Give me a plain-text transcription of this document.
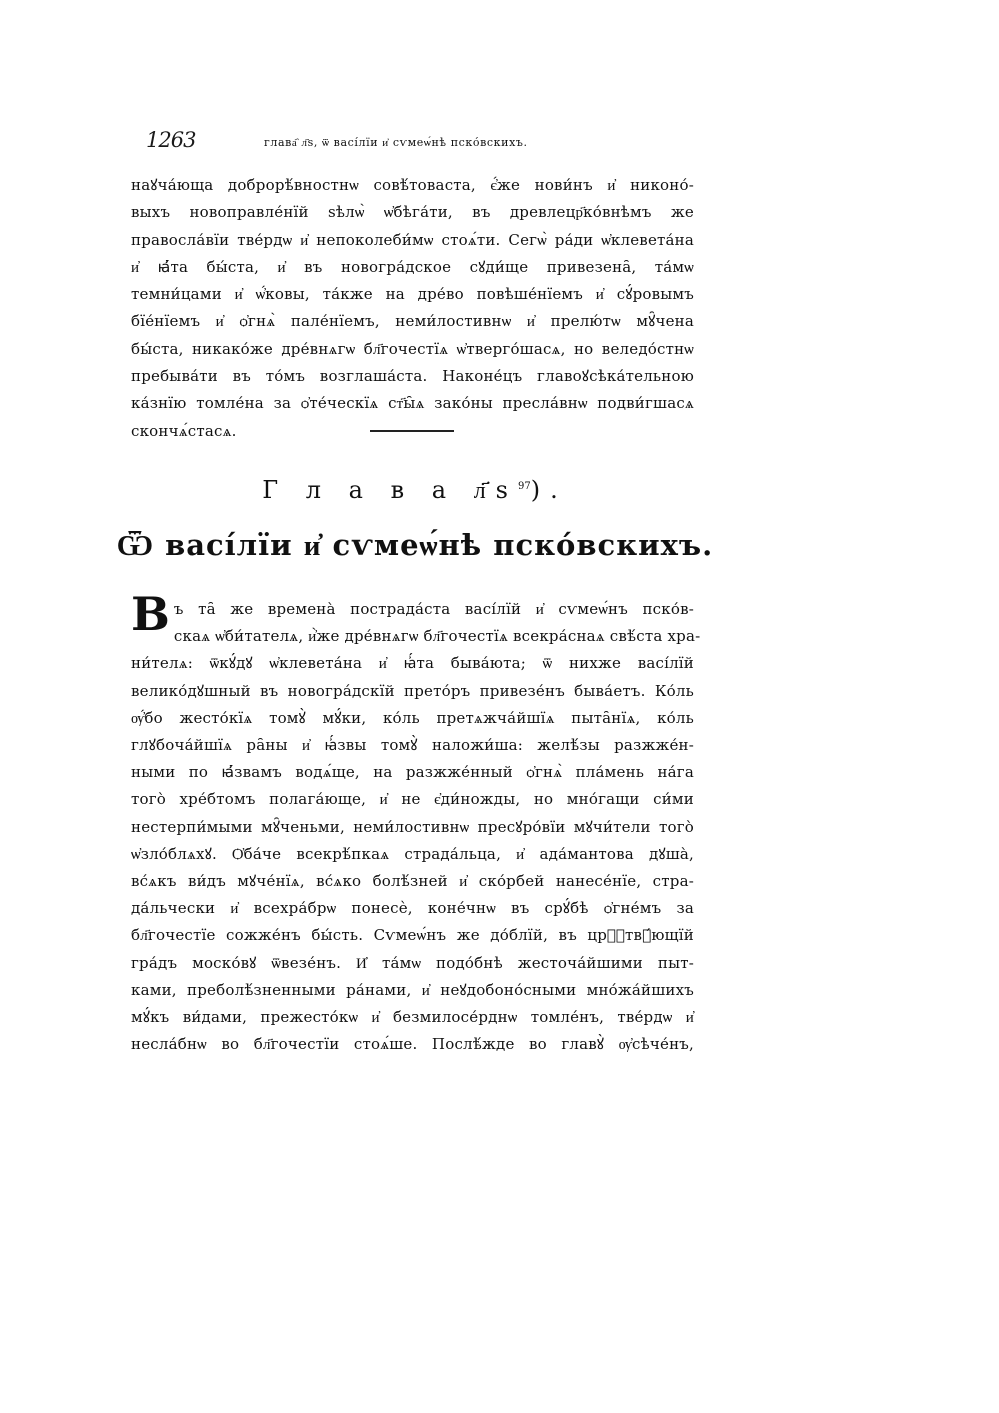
1263	глава҄ л҃ѕ, ѿ васі́лїи и҆ сѵмеѡ́нѣ пско́вскихъ.
наꙋча́юща доброрѣ́вностнѡ совѣ́товаста, є҆́же нови́нъ и҆ никоно́-
выхъ новоправле́нїй ѕѣлѡ̀ ѡ҆бѣга́ти, въ древлецр҃ко́внѣмъ же
правосла́вїи тве́рдѡ и҆ непоколеби́мѡ стоѧ́ти. Сегѡ̀ ра́ди ѡ҆клевета́на
и҆ ꙗ҆́та бы́ста, и҆ въ новогра́дское сꙋди́ще привезена̑, та́мѡ
темни́цами и҆ ѡ҆́ковы, та́кже на дре́во повѣше́нїемъ и҆ сꙋ́ровымъ
бїе́нїемъ и҆ ѻ҆гнѧ̀ пале́нїемъ, неми́лостивнѡ и҆ прелю́тѡ мꙋ̑чена
бы́ста, никако́же дре́внѧгѡ бл҃гочестїѧ ѡ҆тверго́шасѧ, но веледо́стнѡ
пребыва́ти въ то́мъ возглаша́ста. Наконе́цъ главоꙋсѣка́тельною
ка́знїю томле́на за ѻ҆те́ческїѧ ст҃ы̑ѧ зако́ны пресла́внѡ подви́гшасѧ
скончѧ́стасѧ.
Г л а в а $л҃ѕ^{97}$).
Ѿ васі́лїи и҆ сѵмеѡ́нѣ пско́вскихъ.
В ъ та̑ же времена̀ пострада́ста васі́лїй и҆ сѵмеѡ́нъ пско́в-
скаѧ ѡ҆би́тателѧ, и҆̀же дре́внѧгѡ бл҃гочестїѧ всекра́снаѧ свѣ́ста хра-
ни́телѧ: ѿкꙋ́дꙋ ѡ҆клевета́на и҆ ꙗ҆́та быва́юта; ѿ нихже васі́лїй
велико́дꙋшный въ новогра́дскїй прето́ръ привезе́нъ быва́етъ. Ко́ль
ѹ҆́бо жесто́кїѧ томꙋ̀ мꙋ́ки, ко́ль претѧжча́йшїѧ пыта̑нїѧ, ко́ль
глꙋбоча́йшїѧ ра̑ны и҆ ꙗ҆́звы томꙋ̀ наложи́ша: желѣ́зы разжже́н-
ными по ꙗ҆́звамъ водѧ́ще, на разжже́нный ѻ҆гнѧ̀ пла́мень на́га
того̀ хре́бтомъ полага́юще, и҆ не є҆ди́ножды, но мно́гащи си́ми
нестерпи́мыми мꙋ̑ченьми, неми́лостивнѡ пресꙋро́вїи мꙋчи́тели того̀
ѡ҆зло́блѧхꙋ. Ѻ҆ба́че всекрѣ́пкаѧ страда́льца, и҆ ада́мантова дꙋша̀,
вс́ѧкъ ви́дъ мꙋче́нїѧ, вс́ѧко болѣ́зней и҆ ско́рбей нанесе́нїе, стра-
да́льчески и҆ всехра́брѡ понесѐ, коне́чнѡ въ срꙋ́бѣ ѻ҆гне́мъ за
бл҃гочестїе сожже́нъ бы́сть. Сѵмеѡ́нъ же до́блїй, въ црⷭ҇твꙋ́ющїй
гра́дъ моско́вꙋ ѿвезе́нъ. И҆ та́мѡ подо́бнѣ жесточа́йшими пыт-
ками, преболѣ́зненными ра́нами, и҆ неꙋдобоно́сными мно́жа́йшихъ
мꙋ́къ ви́дами, прежесто́кѡ и҆ безмилосе́рднѡ томле́нъ, тве́рдѡ и҆
несла́бнѡ во бл҃гочестїи стоѧ́ше. Послѣ́жде во главꙋ̀ ѹ҆сѣче́нъ,
